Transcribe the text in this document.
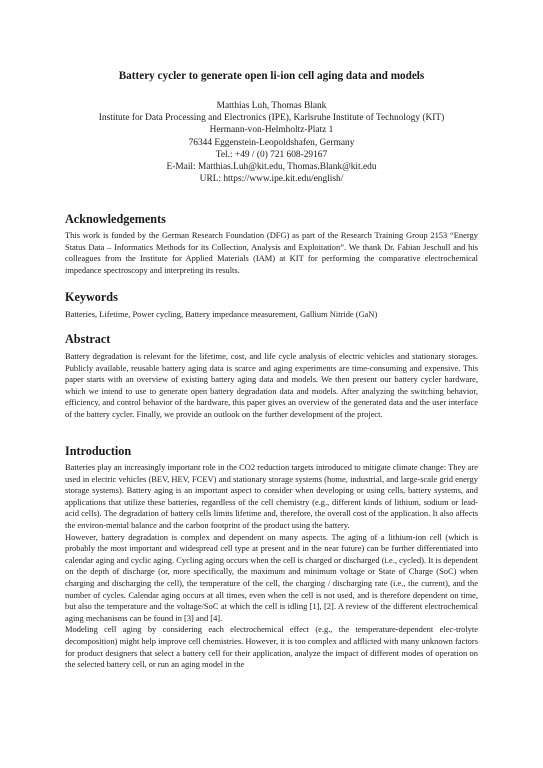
Battery cycler to generate open li-ion cell aging data and models
Matthias Luh, Thomas Blank
Institute for Data Processing and Electronics (IPE), Karlsruhe Institute of Technology (KIT)
Hermann-von-Helmholtz-Platz 1
76344 Eggenstein-Leopoldshafen, Germany
Tel.: +49 / (0) 721 608-29167
E-Mail: Matthias.Luh@kit.edu, Thomas.Blank@kit.edu
URL: https://www.ipe.kit.edu/english/
Acknowledgements

This work is funded by the German Research Foundation (DFG) as part of the Research Training Group 2153 “Energy Status Data – Informatics Methods for its Collection, Analysis and Exploitation”. We thank Dr. Fabian Jeschull and his colleagues from the Institute for Applied Materials (IAM) at KIT for performing the comparative electrochemical impedance spectroscopy and interpreting its results.

Keywords

Batteries, Lifetime, Power cycling, Battery impedance measurement, Gallium Nitride (GaN)

Abstract

Battery degradation is relevant for the lifetime, cost, and life cycle analysis of electric vehicles and stationary storages. Publicly available, reusable battery aging data is scarce and aging experiments are time-consuming and expensive. This paper starts with an overview of existing battery aging data and models. We then present our battery cycler hardware, which we intend to use to generate open battery degradation data and models. After analyzing the switching behavior, efficiency, and control behavior of the hardware, this paper gives an overview of the generated data and the user interface of the battery cycler. Finally, we provide an outlook on the further development of the project.

Introduction

Batteries play an increasingly important role in the CO2 reduction targets introduced to mitigate climate change: They are used in electric vehicles (BEV, HEV, FCEV) and stationary storage systems (home, industrial, and large-scale grid energy storage systems). Battery aging is an important aspect to consider when developing or using cells, battery systems, and applications that utilize these batteries, regardless of the cell chemistry (e.g., different kinds of lithium, sodium or lead-acid cells). The degradation of battery cells limits lifetime and, therefore, the overall cost of the application. It also affects the environ-mental balance and the carbon footprint of the product using the battery.

However, battery degradation is complex and dependent on many aspects. The aging of a lithium-ion cell (which is probably the most important and widespread cell type at present and in the near future) can be further differentiated into calendar aging and cyclic aging. Cycling aging occurs when the cell is charged or discharged (i.e., cycled). It is dependent on the depth of discharge (or, more specifically, the maximum and minimum voltage or State of Charge (SoC) when charging and discharging the cell), the temperature of the cell, the charging / discharging rate (i.e., the current), and the number of cycles. Calendar aging occurs at all times, even when the cell is not used, and is therefore dependent on time, but also the temperature and the voltage/SoC at which the cell is idling [1], [2]. A review of the different electrochemical aging mechanisms can be found in [3] and [4].

Modeling cell aging by considering each electrochemical effect (e.g., the temperature-dependent elec-trolyte decomposition) might help improve cell chemistries. However, it is too complex and afflicted with many unknown factors for product designers that select a battery cell for their application, analyze the impact of different modes of operation on the selected battery cell, or run an aging model in the
